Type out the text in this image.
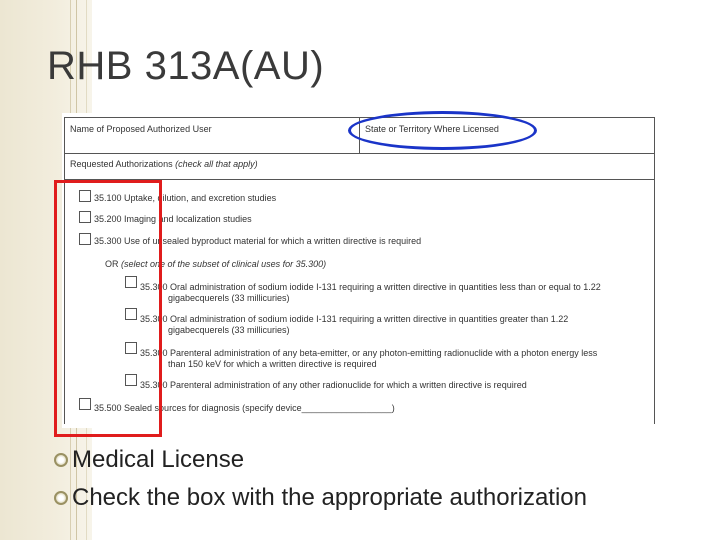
RHB 313A(AU)
Name of Proposed Authorized User	State or Territory Where Licensed
Requested Authorizations (check all that apply)
35.100 Uptake, dilution, and excretion studies
35.200 Imaging and localization studies
35.300 Use of unsealed byproduct material for which a written directive is required
OR (select one of the subset of clinical uses for 35.300)
35.300 Oral administration of sodium iodide I-131 requiring a written directive in quantities less than or equal to 1.22
gigabecquerels (33 millicuries)
35.300 Oral administration of sodium iodide I-131 requiring a written directive in quantities greater than 1.22
gigabecquerels (33 millicuries)
35.300 Parenteral administration of any beta-emitter, or any photon-emitting radionuclide with a photon energy less
than 150 keV for which a written directive is required
35.300 Parenteral administration of any other radionuclide for which a written directive is required
35.500 Sealed sources for diagnosis (specify device__________________)
Medical License
Check the box with the appropriate authorization
